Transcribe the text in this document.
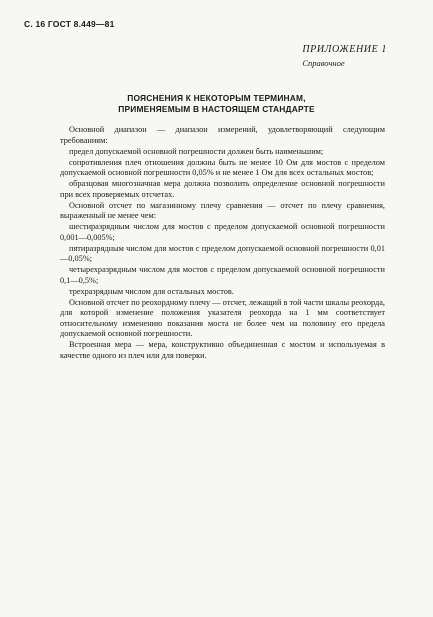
С. 16 ГОСТ 8.449—81
ПРИЛОЖЕНИЕ 1
Справочное
ПОЯСНЕНИЯ К НЕКОТОРЫМ ТЕРМИНАМ,
ПРИМЕНЯЕМЫМ В НАСТОЯЩЕМ СТАНДАРТЕ
Основной диапазон — диапазон измерений, удовлетворяющий следующим требованиям:
предел допускаемой основной погрешности должен быть наименьшим;
сопротивления плеч отношения должны быть не менее 10 Ом для мостов с пределом допускаемой основной погрешности 0,05% и не менее 1 Ом для всех остальных мостов;
образцовая многозначная мера должна позволить определение основной погрешности при всех проверяемых отсчетах.
Основной отсчет по магазинному плечу сравнения — отсчет по плечу сравнения, выраженный не менее чем:
шестиразрядным числом для мостов с пределом допускаемой основной погрешности 0,001—0,005%;
пятиразрядным числом для мостов с пределом допускаемой основной погрешности 0,01—0,05%;
четырехразрядным числом для мостов с пределом допускаемой основной погрешности 0,1—0,5%;
трехразрядным числом для остальных мостов.
Основной отсчет по реохордному плечу — отсчет, лежащий в той части шкалы реохорда, для которой изменение положения указателя реохорда на 1 мм соответствует относительному изменению показания моста не более чем на половину его предела допускаемой основной погрешности.
Встроенная мера — мера, конструктивно объединенная с мостом и используемая в качестве одного из плеч или для поверки.
